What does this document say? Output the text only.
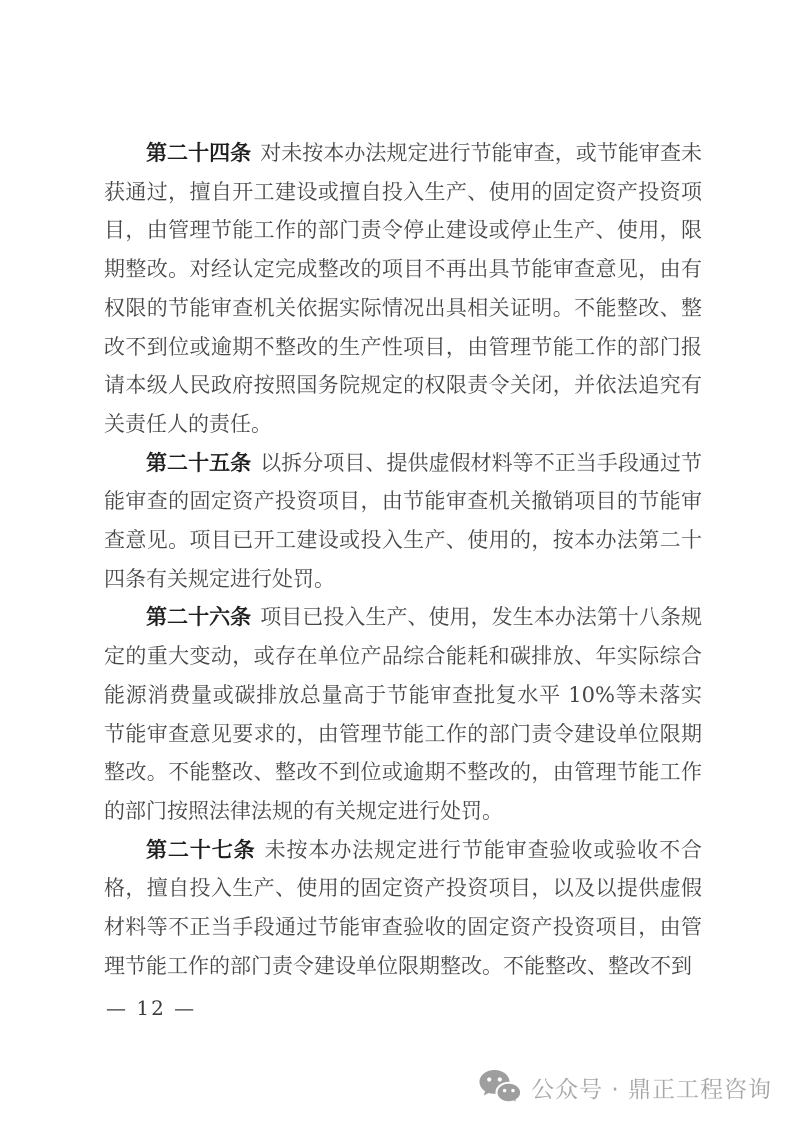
第二十四条 对未按本办法规定进行节能审查，或节能审查未获通过，擅自开工建设或擅自投入生产、使用的固定资产投资项目，由管理节能工作的部门责令停止建设或停止生产、使用，限期整改。对经认定完成整改的项目不再出具节能审查意见，由有权限的节能审查机关依据实际情况出具相关证明。不能整改、整改不到位或逾期不整改的生产性项目，由管理节能工作的部门报请本级人民政府按照国务院规定的权限责令关闭，并依法追究有关责任人的责任。

第二十五条 以拆分项目、提供虚假材料等不正当手段通过节能审查的固定资产投资项目，由节能审查机关撤销项目的节能审查意见。项目已开工建设或投入生产、使用的，按本办法第二十四条有关规定进行处罚。

第二十六条 项目已投入生产、使用，发生本办法第十八条规定的重大变动，或存在单位产品综合能耗和碳排放、年实际综合能源消费量或碳排放总量高于节能审查批复水平 10%等未落实节能审查意见要求的，由管理节能工作的部门责令建设单位限期整改。不能整改、整改不到位或逾期不整改的，由管理节能工作的部门按照法律法规的有关规定进行处罚。

第二十七条 未按本办法规定进行节能审查验收或验收不合格，擅自投入生产、使用的固定资产投资项目，以及以提供虚假材料等不正当手段通过节能审查验收的固定资产投资项目，由管理节能工作的部门责令建设单位限期整改。不能整改、整改不到

— 12 —
公众号 · 鼎正工程咨询
